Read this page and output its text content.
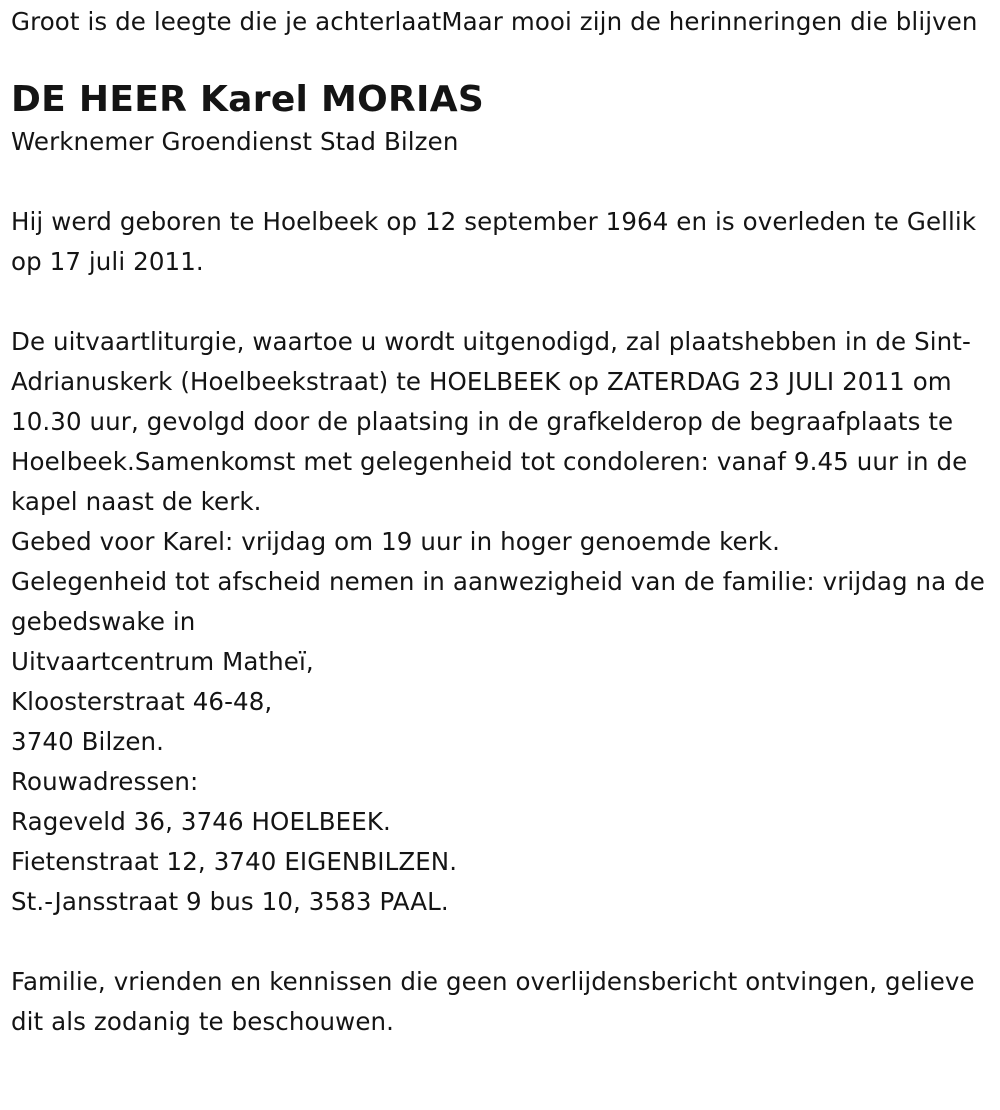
Groot is de leegte die je achterlaatMaar mooi zijn de herinneringen die blijven

DE HEER Karel MORIAS

Werknemer Groendienst Stad Bilzen

Hij werd geboren te Hoelbeek op 12 september 1964 en is overleden te Gellik op 17 juli 2011.

De uitvaartliturgie, waartoe u wordt uitgenodigd, zal plaatshebben in de Sint-Adrianuskerk (Hoelbeekstraat) te HOELBEEK op ZATERDAG 23 JULI 2011 om 10.30 uur, gevolgd door de plaatsing in de grafkelderop de begraafplaats te Hoelbeek.Samenkomst met gelegenheid tot condoleren: vanaf 9.45 uur in de kapel naast de kerk.

Gebed voor Karel: vrijdag om 19 uur in hoger genoemde kerk.

Gelegenheid tot afscheid nemen in aanwezigheid van de familie: vrijdag na de gebedswake in

Uitvaartcentrum Matheï,

Kloosterstraat 46-48,

3740 Bilzen.

Rouwadressen:

Rageveld 36, 3746 HOELBEEK.

Fietenstraat 12, 3740 EIGENBILZEN.

St.-Jansstraat 9 bus 10, 3583 PAAL.

Familie, vrienden en kennissen die geen overlijdensbericht ontvingen, gelieve dit als zodanig te beschouwen.
